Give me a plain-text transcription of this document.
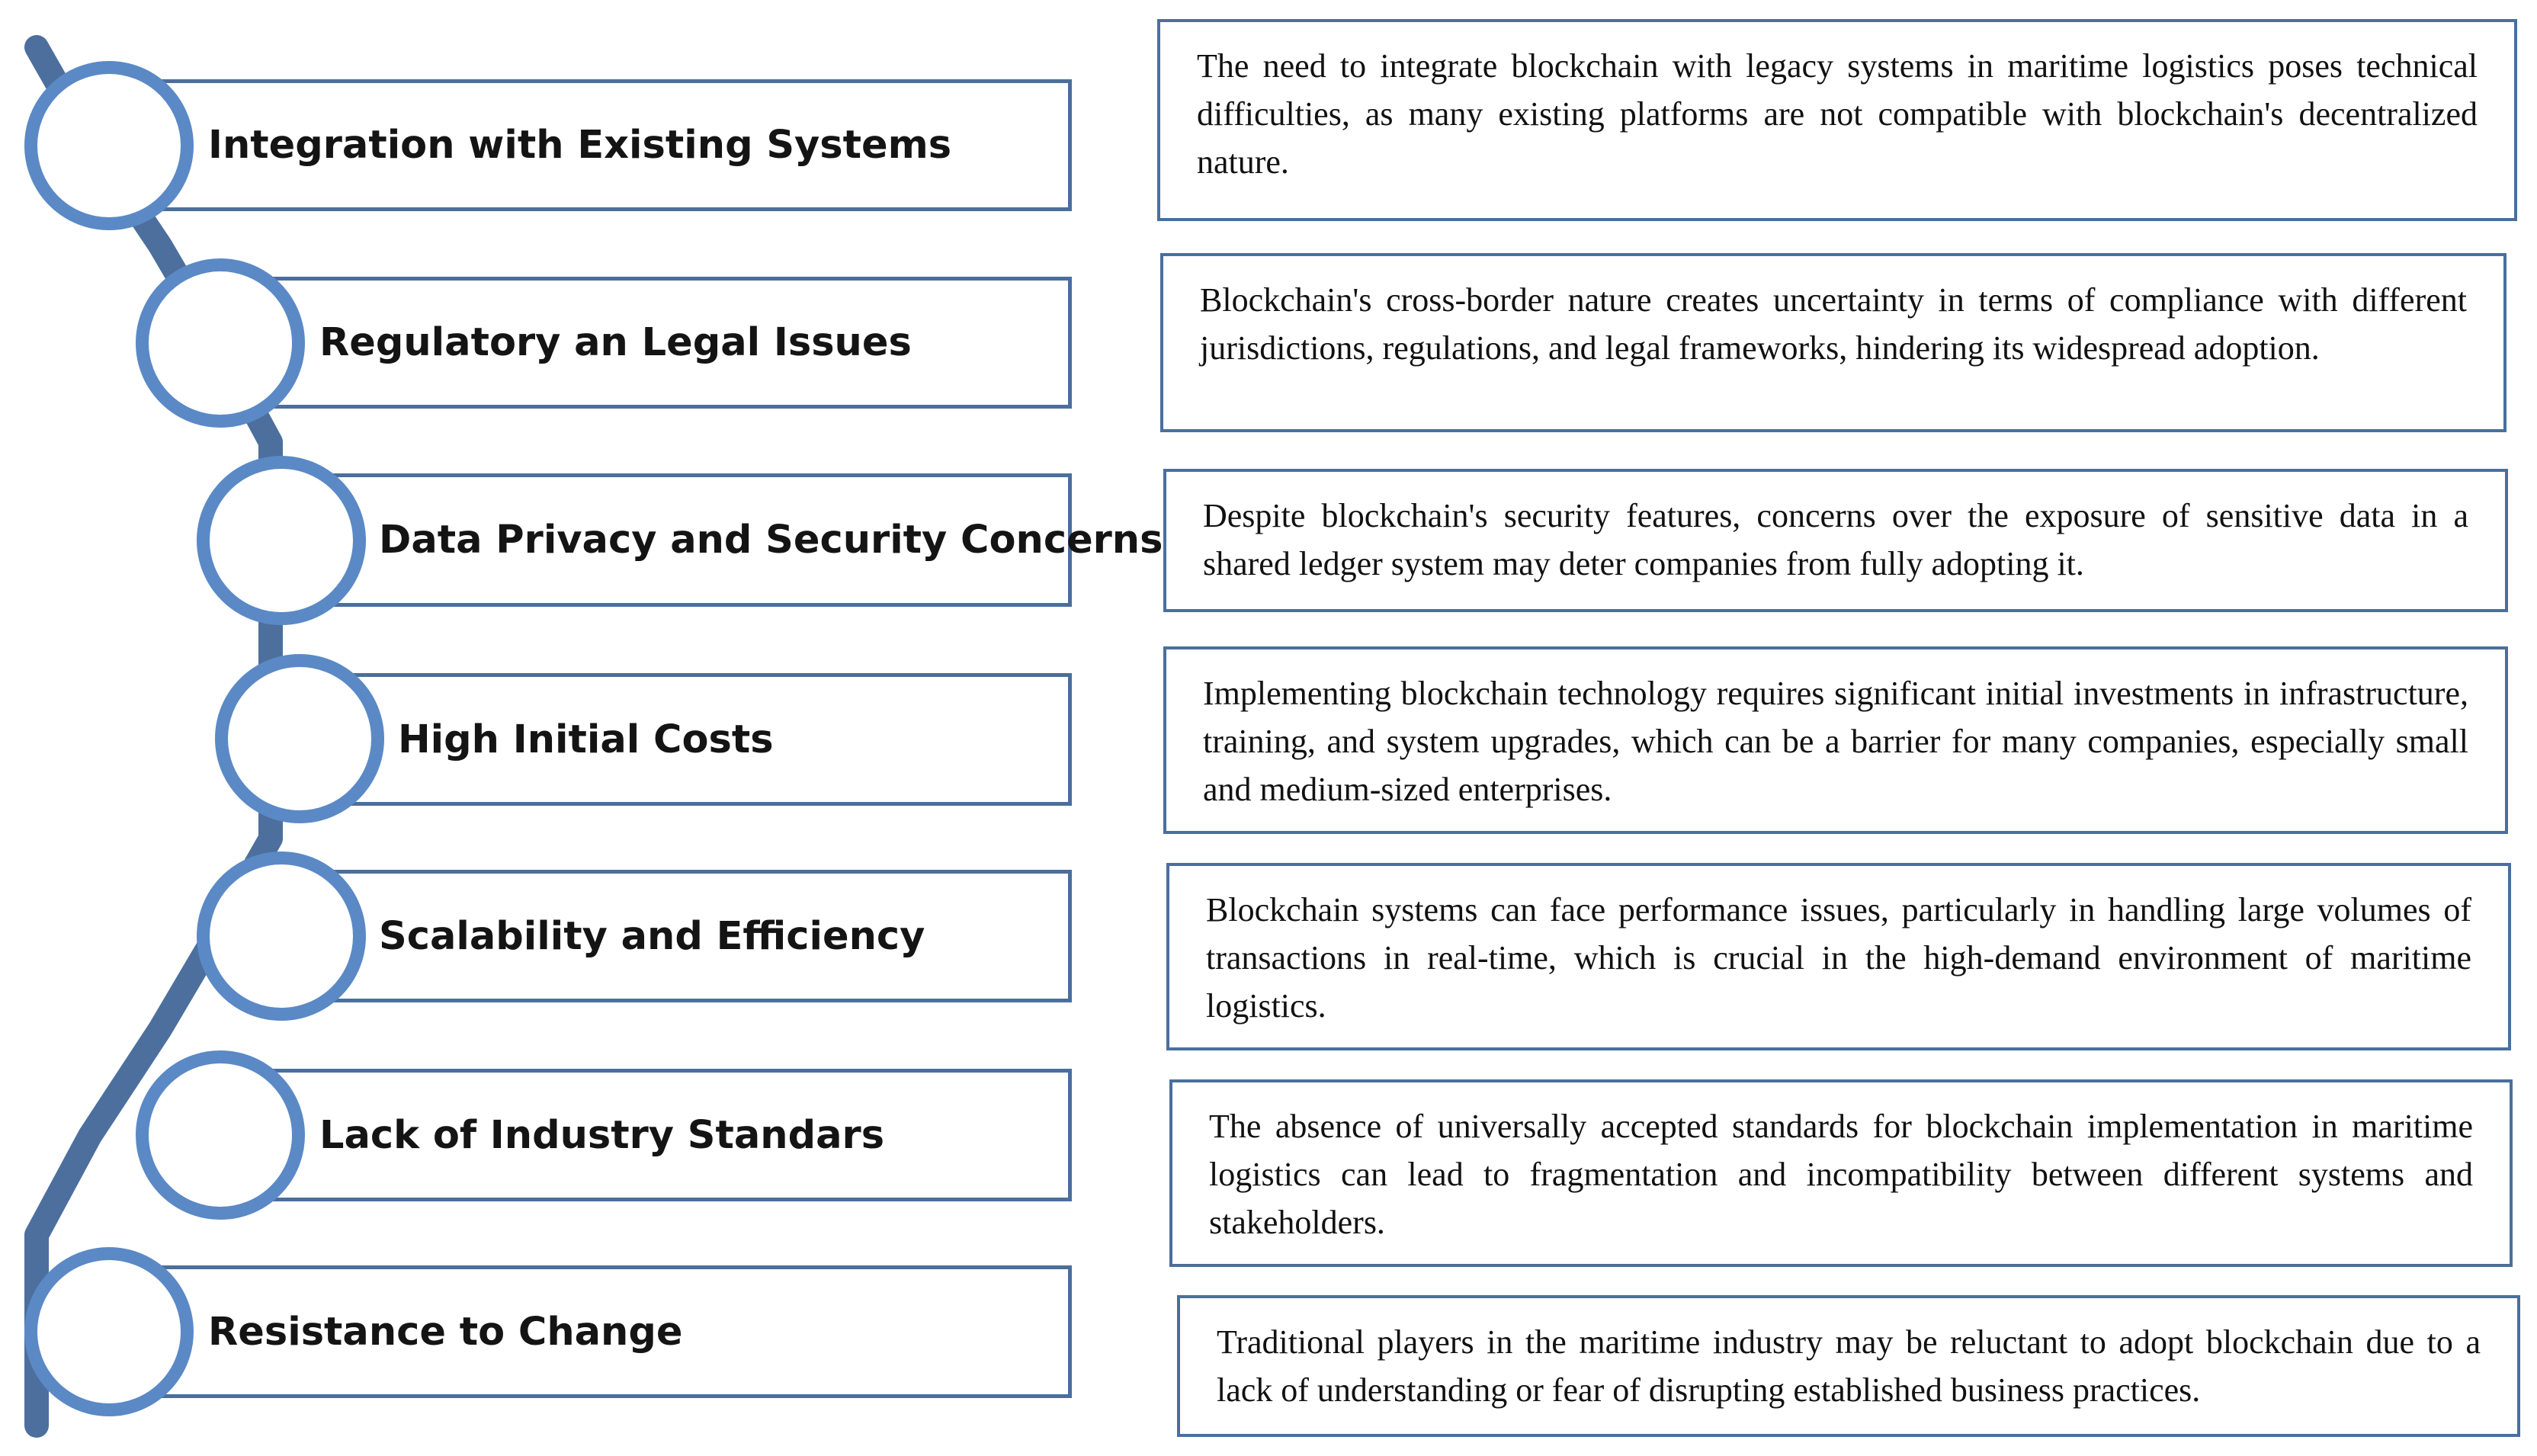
Integration with Existing Systems

The need to integrate blockchain with legacy systems in maritime logistics poses technical difficulties, as many existing platforms are not compatible with blockchain's decentralized nature.

Regulatory an Legal Issues

Blockchain's cross-border nature creates uncertainty in terms of compliance with different jurisdictions, regulations, and legal frameworks, hindering its widespread adoption.

Data Privacy and Security Concerns

Despite blockchain's security features, concerns over the exposure of sensitive data in a shared ledger system may deter companies from fully adopting it.

High Initial Costs

Implementing blockchain technology requires significant initial investments in infrastructure, training, and system upgrades, which can be a barrier for many companies, especially small and medium-sized enterprises.

Scalability and Efficiency

Blockchain systems can face performance issues, particularly in handling large volumes of transactions in real-time, which is crucial in the high-demand environment of maritime logistics.

Lack of Industry Standars	The absence of universally accepted standards for blockchain implementation in maritime logistics can lead to fragmentation and incompatibility between different systems and stakeholders.

Resistance to Change	Traditional players in the maritime industry may be reluctant to adopt blockchain due to a lack of understanding or fear of disrupting established business practices.
